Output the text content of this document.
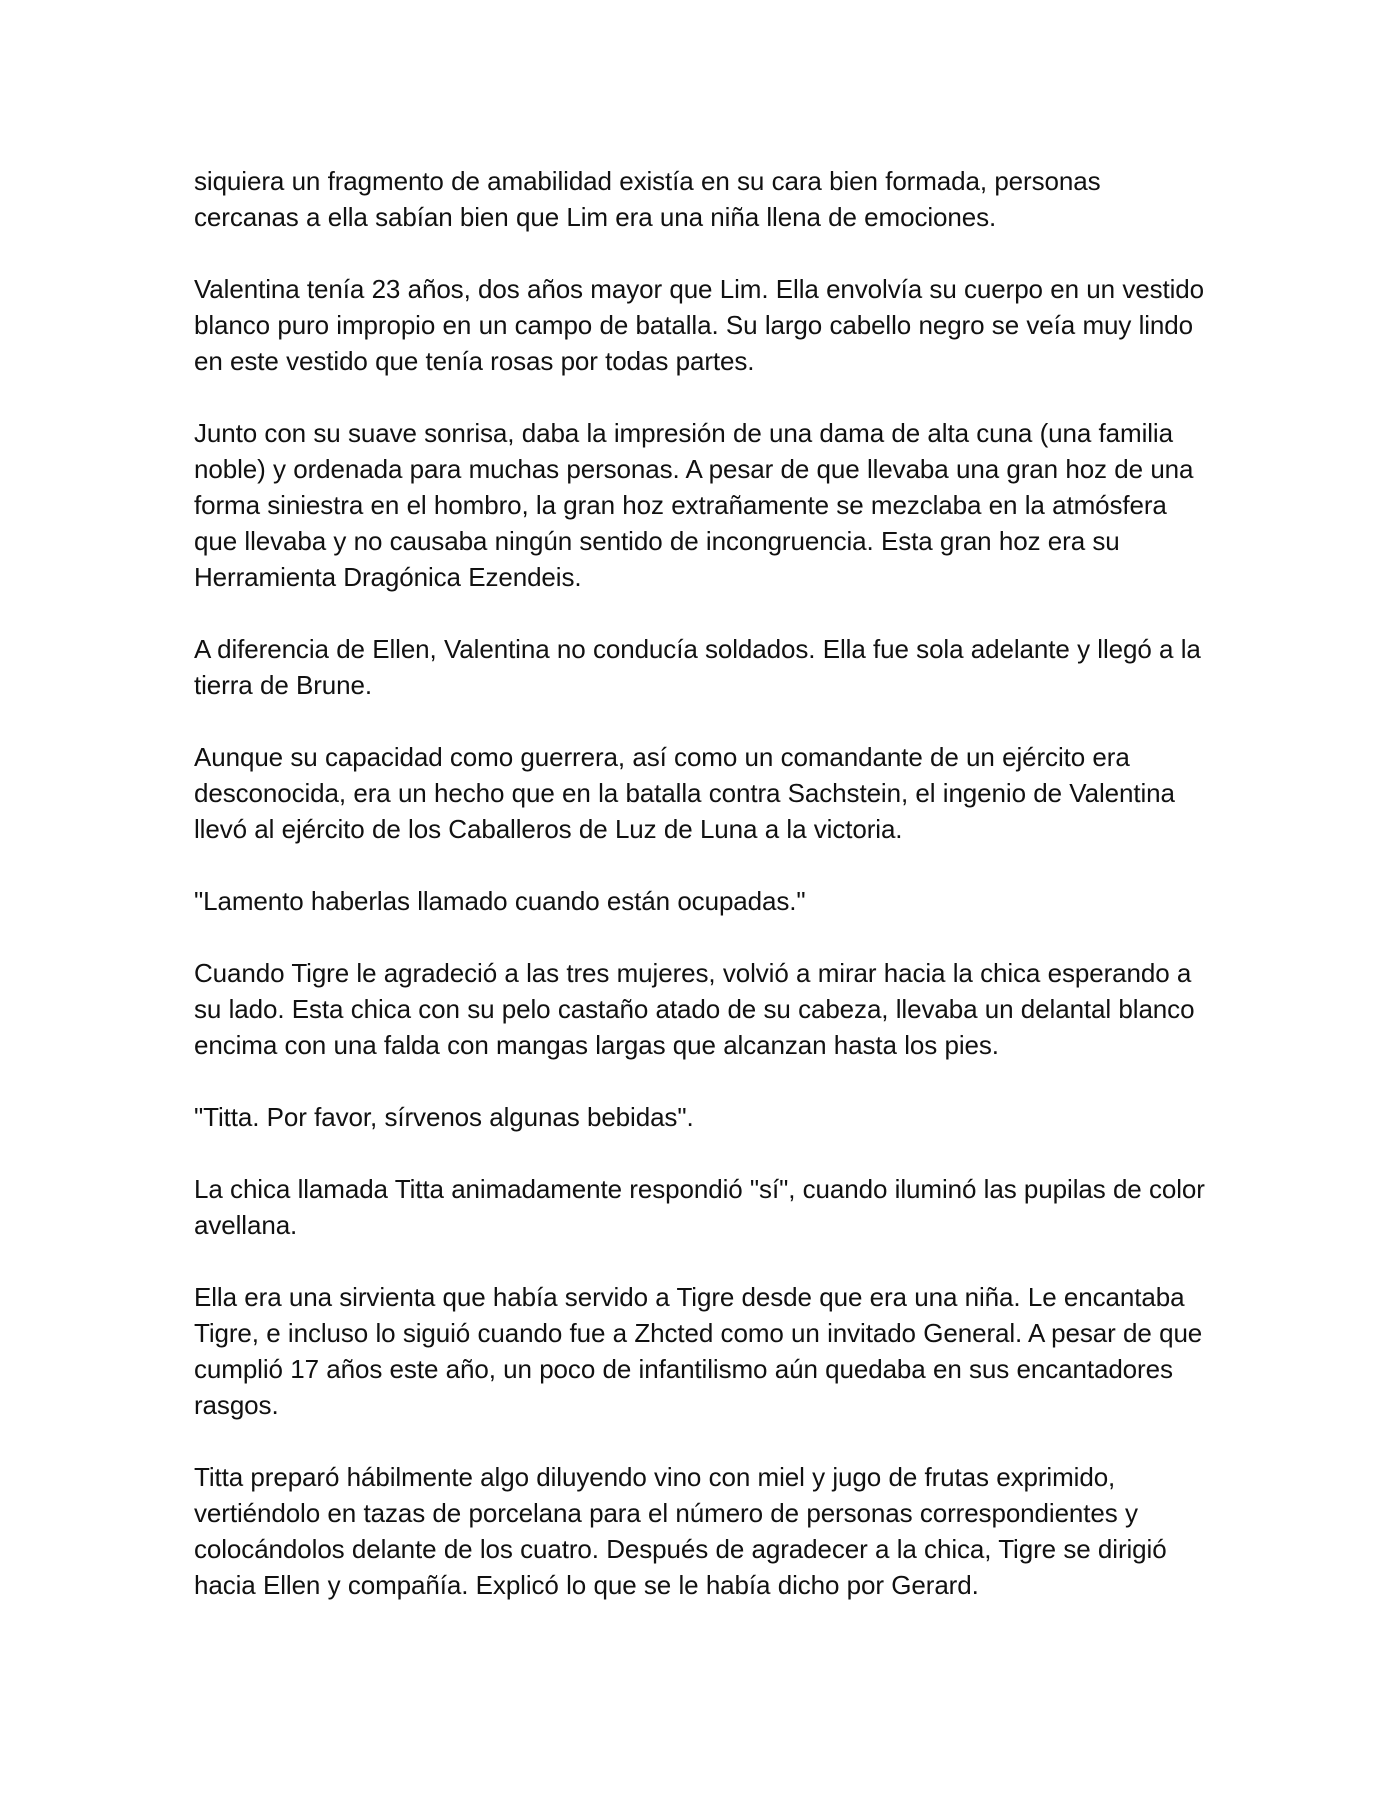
siquiera un fragmento de amabilidad existía en su cara bien formada, personas cercanas a ella sabían bien que Lim era una niña llena de emociones.

Valentina tenía 23 años, dos años mayor que Lim. Ella envolvía su cuerpo en un vestido blanco puro impropio en un campo de batalla. Su largo cabello negro se veía muy lindo en este vestido que tenía rosas por todas partes.

Junto con su suave sonrisa, daba la impresión de una dama de alta cuna (una familia noble) y ordenada para muchas personas. A pesar de que llevaba una gran hoz de una forma siniestra en el hombro, la gran hoz extrañamente se mezclaba en la atmósfera que llevaba y no causaba ningún sentido de incongruencia. Esta gran hoz era su Herramienta Dragónica Ezendeis.

A diferencia de Ellen, Valentina no conducía soldados. Ella fue sola adelante y llegó a la tierra de Brune.

Aunque su capacidad como guerrera, así como un comandante de un ejército era desconocida, era un hecho que en la batalla contra Sachstein, el ingenio de Valentina llevó al ejército de los Caballeros de Luz de Luna a la victoria.

"Lamento haberlas llamado cuando están ocupadas."

Cuando Tigre le agradeció a las tres mujeres, volvió a mirar hacia la chica esperando a su lado. Esta chica con su pelo castaño atado de su cabeza, llevaba un delantal blanco encima con una falda con mangas largas que alcanzan hasta los pies.

"Titta. Por favor, sírvenos algunas bebidas".

La chica llamada Titta animadamente respondió "sí", cuando iluminó las pupilas de color avellana.

Ella era una sirvienta que había servido a Tigre desde que era una niña. Le encantaba Tigre, e incluso lo siguió cuando fue a Zhcted como un invitado General. A pesar de que cumplió 17 años este año, un poco de infantilismo aún quedaba en sus encantadores rasgos.

Titta preparó hábilmente algo diluyendo vino con miel y jugo de frutas exprimido, vertiéndolo en tazas de porcelana para el número de personas correspondientes y colocándolos delante de los cuatro. Después de agradecer a la chica, Tigre se dirigió hacia Ellen y compañía. Explicó lo que se le había dicho por Gerard.
